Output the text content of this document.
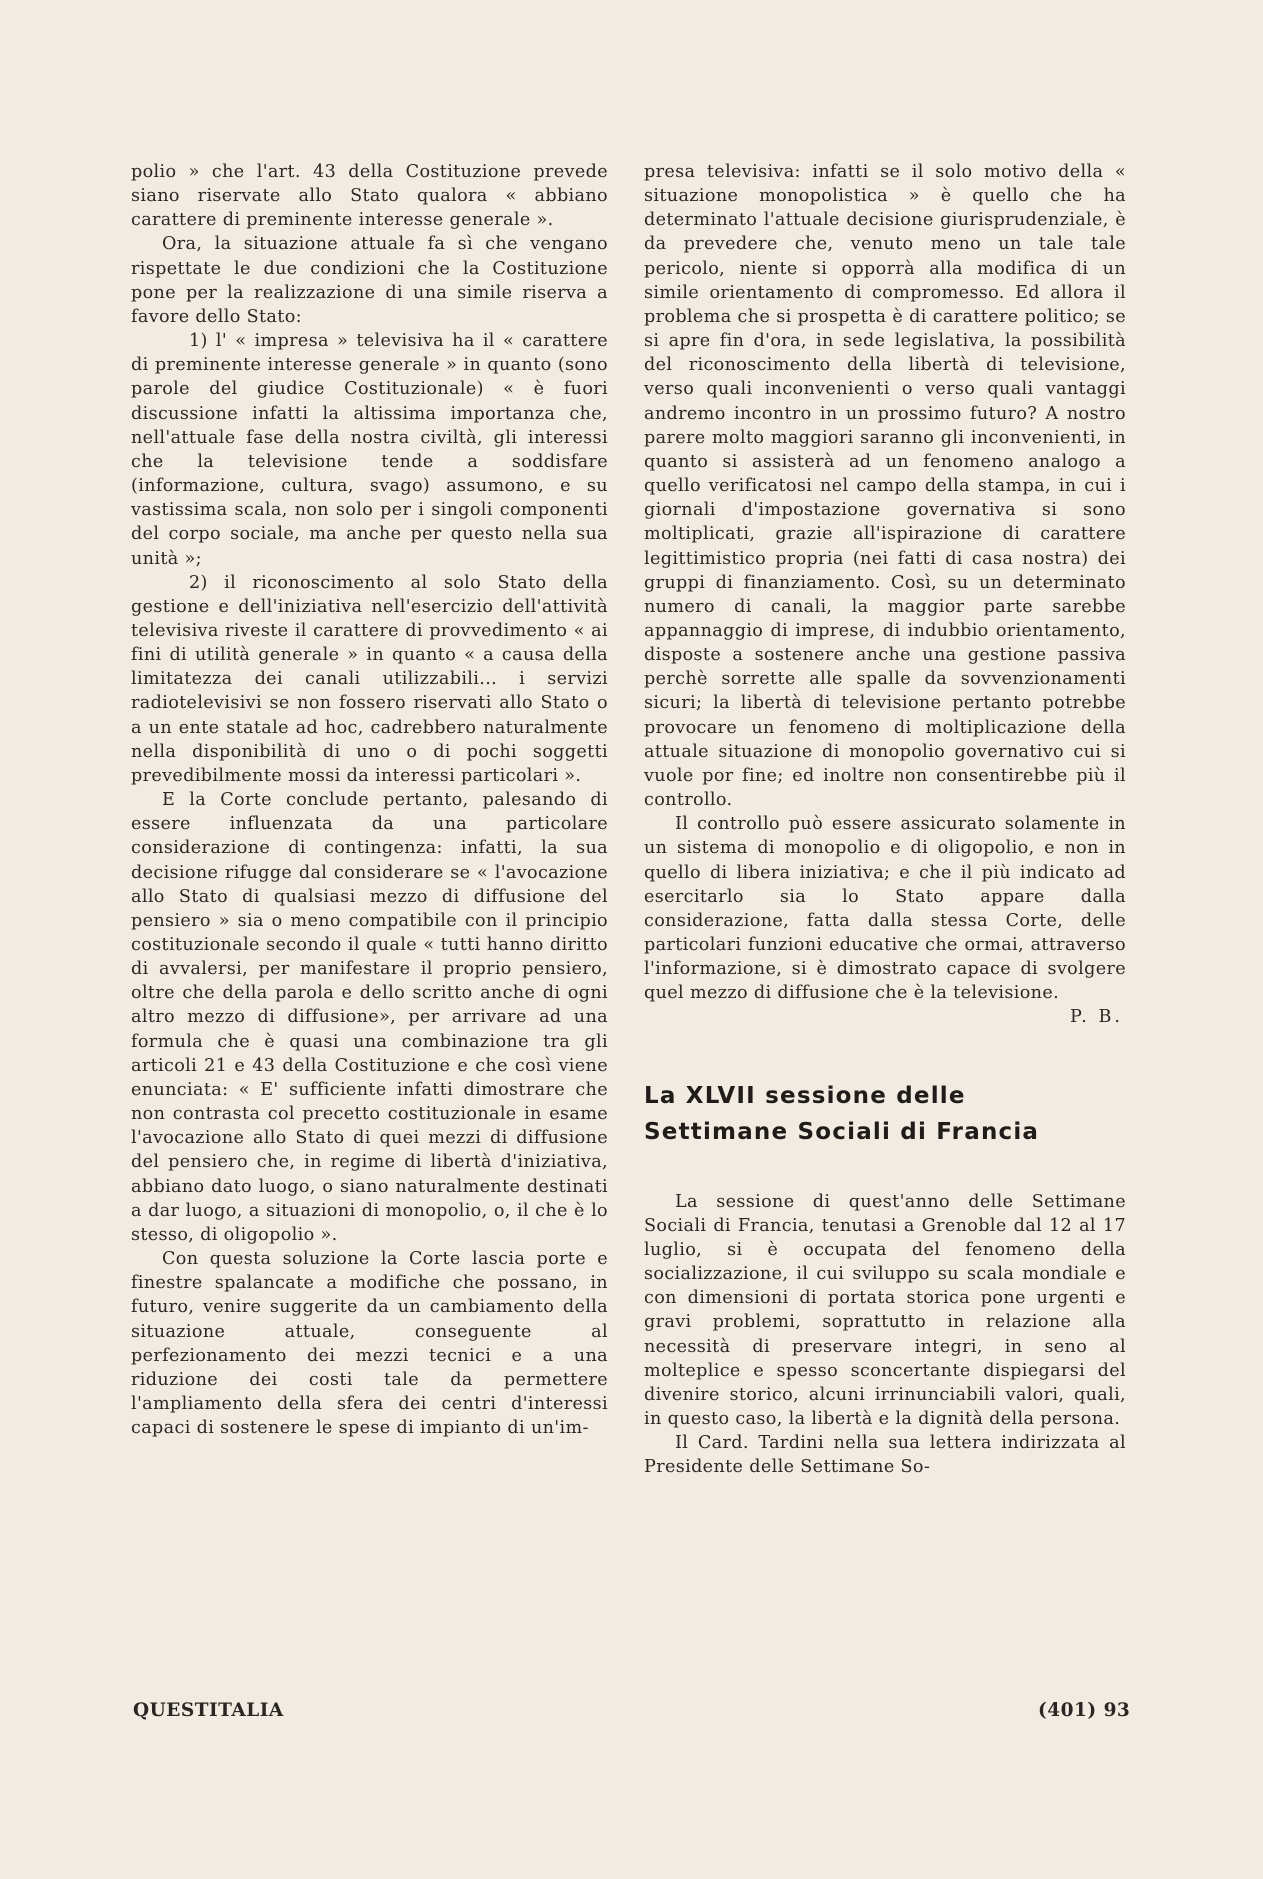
polio » che l'art. 43 della Costituzione prevede siano riservate allo Stato qualora « abbiano carattere di preminente interesse generale ».

Ora, la situazione attuale fa sì che vengano rispettate le due condizioni che la Costituzione pone per la realizzazione di una simile riserva a favore dello Stato:

1) l' « impresa » televisiva ha il « carattere di preminente interesse generale » in quanto (sono parole del giudice Costituzionale) « è fuori discussione infatti la altissima importanza che, nell'attuale fase della nostra civiltà, gli interessi che la televisione tende a soddisfare (informazione, cultura, svago) assumono, e su vastissima scala, non solo per i singoli componenti del corpo sociale, ma anche per questo nella sua unità »;

2) il riconoscimento al solo Stato della gestione e dell'iniziativa nell'esercizio dell'attività televisiva riveste il carattere di provvedimento « ai fini di utilità generale » in quanto « a causa della limitatezza dei canali utilizzabili... i servizi radiotelevisivi se non fossero riservati allo Stato o a un ente statale ad hoc, cadrebbero naturalmente nella disponibilità di uno o di pochi soggetti prevedibilmente mossi da interessi particolari ».

E la Corte conclude pertanto, palesando di essere influenzata da una particolare considerazione di contingenza: infatti, la sua decisione rifugge dal considerare se « l'avocazione allo Stato di qualsiasi mezzo di diffusione del pensiero » sia o meno compatibile con il principio costituzionale secondo il quale « tutti hanno diritto di avvalersi, per manifestare il proprio pensiero, oltre che della parola e dello scritto anche di ogni altro mezzo di diffusione», per arrivare ad una formula che è quasi una combinazione tra gli articoli 21 e 43 della Costituzione e che così viene enunciata: « E' sufficiente infatti dimostrare che non contrasta col precetto costituzionale in esame l'avocazione allo Stato di quei mezzi di diffusione del pensiero che, in regime di libertà d'iniziativa, abbiano dato luogo, o siano naturalmente destinati a dar luogo, a situazioni di monopolio, o, il che è lo stesso, di oligopolio ».

Con questa soluzione la Corte lascia porte e finestre spalancate a modifiche che possano, in futuro, venire suggerite da un cambiamento della situazione attuale, conseguente al perfezionamento dei mezzi tecnici e a una riduzione dei costi tale da permettere l'ampliamento della sfera dei centri d'interessi capaci di sostenere le spese di impianto di un'im-

presa televisiva: infatti se il solo motivo della « situazione monopolistica » è quello che ha determinato l'attuale decisione giurisprudenziale, è da prevedere che, venuto meno un tale tale pericolo, niente si opporrà alla modifica di un simile orientamento di compromesso. Ed allora il problema che si prospetta è di carattere politico; se si apre fin d'ora, in sede legislativa, la possibilità del riconoscimento della libertà di televisione, verso quali inconvenienti o verso quali vantaggi andremo incontro in un prossimo futuro? A nostro parere molto maggiori saranno gli inconvenienti, in quanto si assisterà ad un fenomeno analogo a quello verificatosi nel campo della stampa, in cui i giornali d'impostazione governativa si sono moltiplicati, grazie all'ispirazione di carattere legittimistico propria (nei fatti di casa nostra) dei gruppi di finanziamento. Così, su un determinato numero di canali, la maggior parte sarebbe appannaggio di imprese, di indubbio orientamento, disposte a sostenere anche una gestione passiva perchè sorrette alle spalle da sovvenzionamenti sicuri; la libertà di televisione pertanto potrebbe provocare un fenomeno di moltiplicazione della attuale situazione di monopolio governativo cui si vuole por fine; ed inoltre non consentirebbe più il controllo.

Il controllo può essere assicurato solamente in un sistema di monopolio e di oligopolio, e non in quello di libera iniziativa; e che il più indicato ad esercitarlo sia lo Stato appare dalla considerazione, fatta dalla stessa Corte, delle particolari funzioni educative che ormai, attraverso l'informazione, si è dimostrato capace di svolgere quel mezzo di diffusione che è la televisione.

P. B.
La XLVII sessione delle
Settimane Sociali di Francia

La sessione di quest'anno delle Settimane Sociali di Francia, tenutasi a Grenoble dal 12 al 17 luglio, si è occupata del fenomeno della socializzazione, il cui sviluppo su scala mondiale e con dimensioni di portata storica pone urgenti e gravi problemi, soprattutto in relazione alla necessità di preservare integri, in seno al molteplice e spesso sconcertante dispiegarsi del divenire storico, alcuni irrinunciabili valori, quali, in questo caso, la libertà e la dignità della persona.

Il Card. Tardini nella sua lettera indirizzata al Presidente delle Settimane So-

QUESTITALIA	(401) 93
